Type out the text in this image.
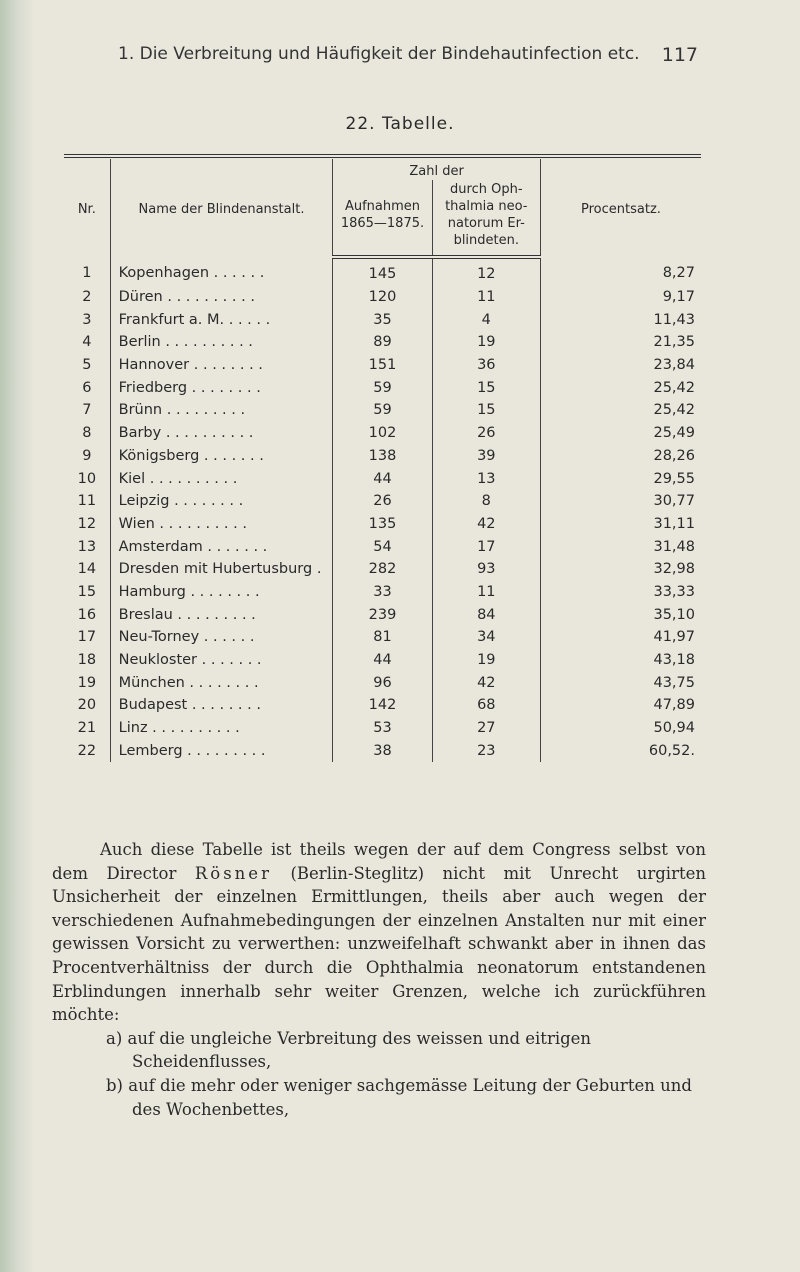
1. Die Verbreitung und Häufigkeit der Bindehautinfection etc. 117
22. Tabelle.

Nr.	Name der Blindenanstalt.	Zahl der		Procentsatz.
		Aufnahmen 1865—1875.	durch Oph- thalmia neo- natorum Er- blindeten.	
1	Kopenhagen . . . . . .	145	12	8,27
2	Düren . . . . . . . . . .	120	11	9,17
3	Frankfurt a. M. . . . . .	35	4	11,43
4	Berlin . . . . . . . . . .	89	19	21,35
5	Hannover . . . . . . . .	151	36	23,84
6	Friedberg . . . . . . . .	59	15	25,42
7	Brünn . . . . . . . . .	59	15	25,42
8	Barby . . . . . . . . . .	102	26	25,49
9	Königsberg . . . . . . .	138	39	28,26
10	Kiel . . . . . . . . . .	44	13	29,55
11	Leipzig . . . . . . . .	26	8	30,77
12	Wien . . . . . . . . . .	135	42	31,11
13	Amsterdam . . . . . . .	54	17	31,48
14	Dresden mit Hubertusburg .	282	93	32,98
15	Hamburg . . . . . . . .	33	11	33,33
16	Breslau . . . . . . . . .	239	84	35,10
17	Neu-Torney . . . . . .	81	34	41,97
18	Neukloster . . . . . . .	44	19	43,18
19	München . . . . . . . .	96	42	43,75
20	Budapest . . . . . . . .	142	68	47,89
21	Linz . . . . . . . . . .	53	27	50,94
22	Lemberg . . . . . . . . .	38	23	60,52.

Auch diese Tabelle ist theils wegen der auf dem Congress selbst von dem Director Rösner (Berlin-Steglitz) nicht mit Unrecht urgirten Unsicherheit der einzelnen Ermittlungen, theils aber auch wegen der verschiedenen Aufnahmebedingungen der einzelnen Anstalten nur mit einer gewissen Vorsicht zu verwerthen: unzweifelhaft schwankt aber in ihnen das Procentverhältniss der durch die Ophthalmia neonatorum entstandenen Erblindungen innerhalb sehr weiter Grenzen, welche ich zurückführen möchte:

a) auf die ungleiche Verbreitung des weissen und eitrigen Scheidenflusses,
b) auf die mehr oder weniger sachgemässe Leitung der Geburten und des Wochenbettes,
